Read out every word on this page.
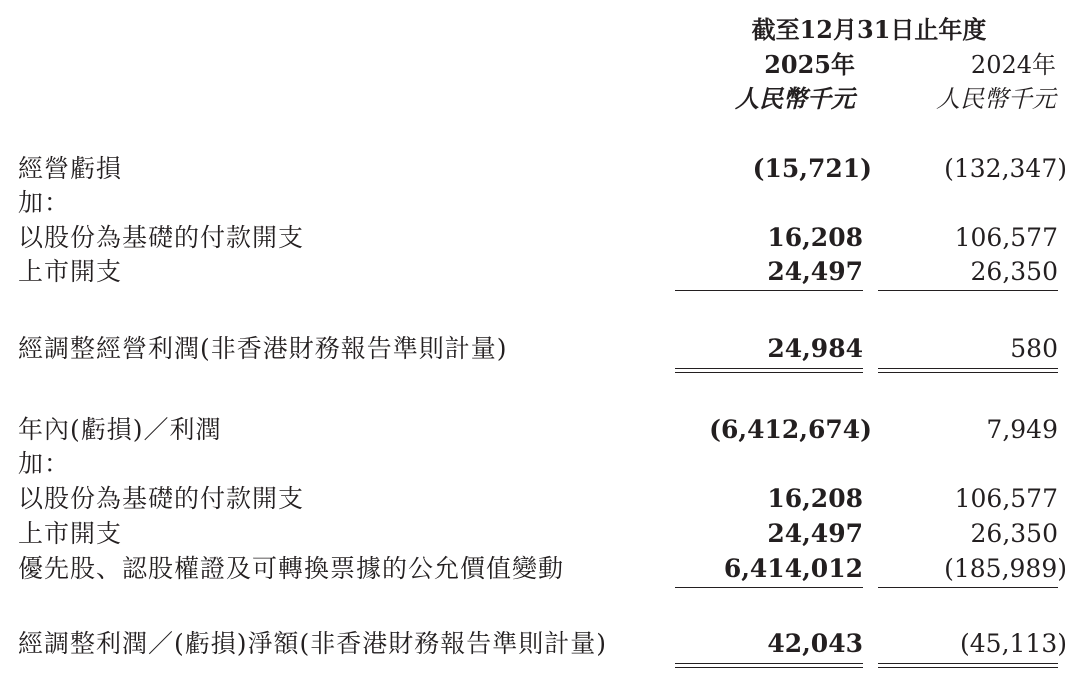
截至12月31日止年度
2025年	2024年
人民幣千元	人民幣千元
經營虧損	(15,721)	(132,347)
加：
以股份為基礎的付款開支	16,208	106,577
上市開支	24,497	26,350
經調整經營利潤(非香港財務報告準則計量)	24,984	580
年內(虧損)／利潤	(6,412,674)	7,949
加：
以股份為基礎的付款開支	16,208	106,577
上市開支	24,497	26,350
優先股、認股權證及可轉換票據的公允價值變動	6,414,012	(185,989)
經調整利潤／(虧損)淨額(非香港財務報告準則計量)	42,043	(45,113)
